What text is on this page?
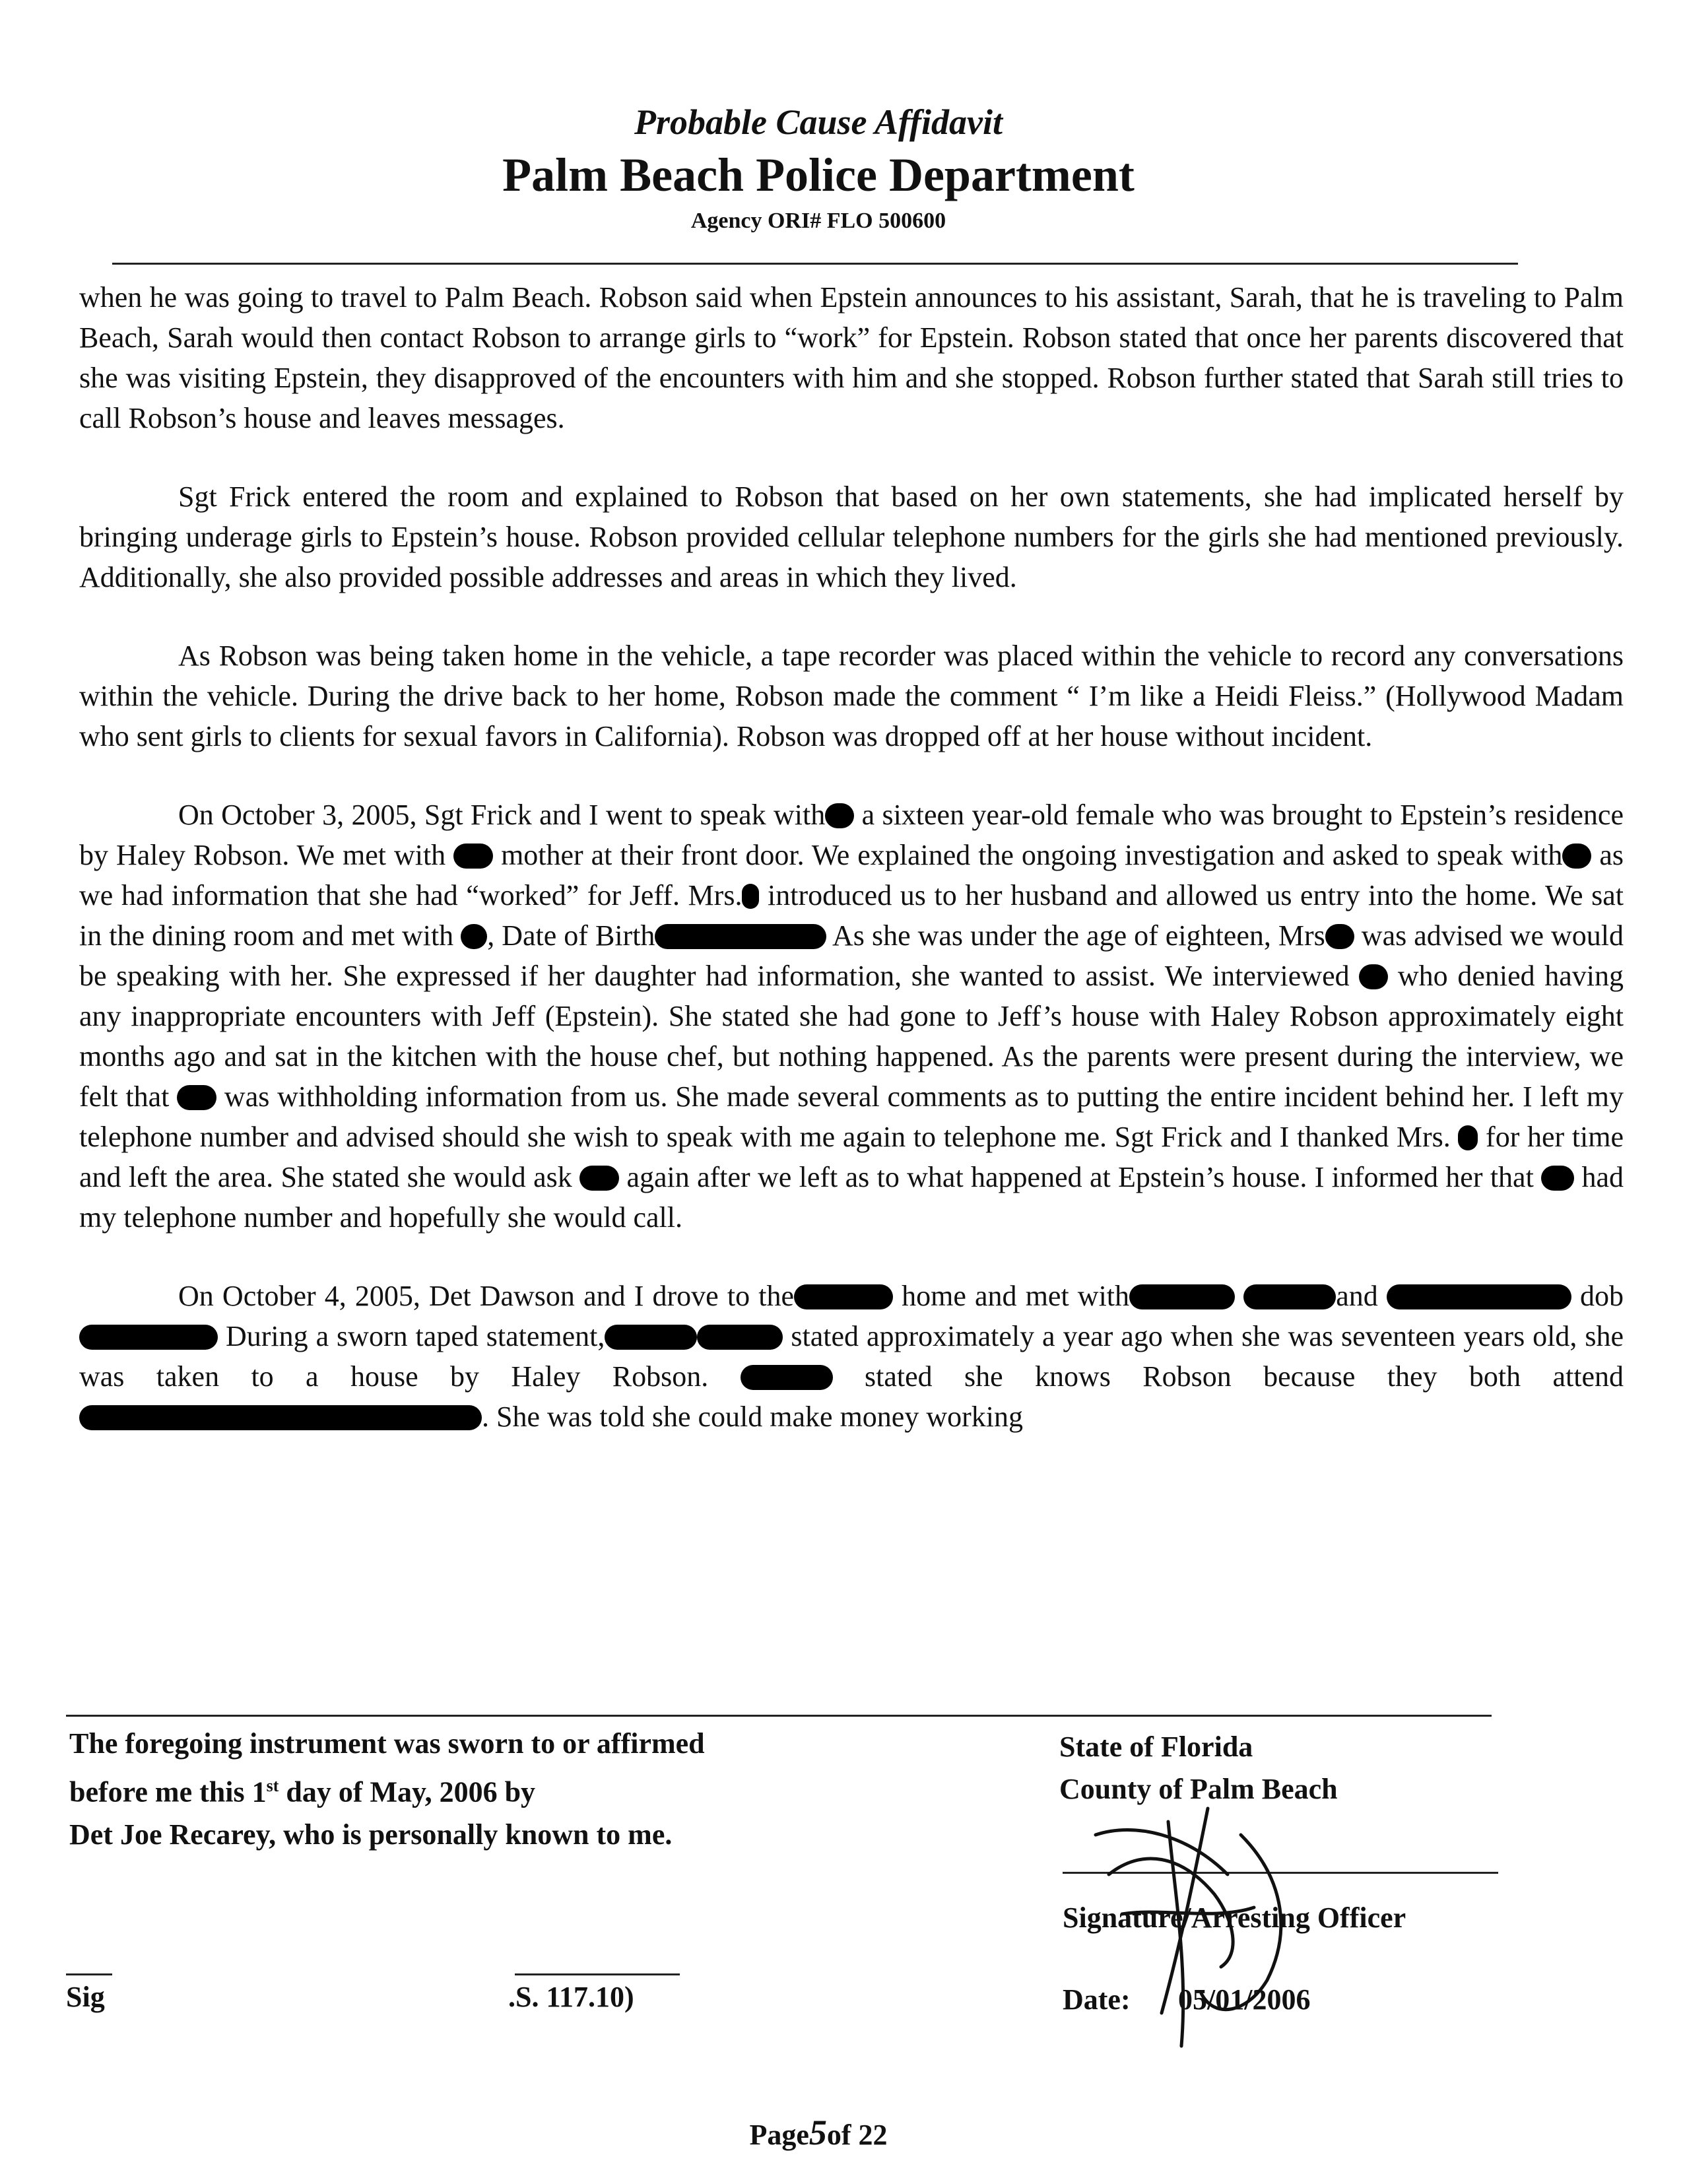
Probable Cause Affidavit
Palm Beach Police Department
Agency ORI# FLO 500600

when he was going to travel to Palm Beach. Robson said when Epstein announces to his assistant, Sarah, that he is traveling to Palm Beach, Sarah would then contact Robson to arrange girls to “work” for Epstein. Robson stated that once her parents discovered that she was visiting Epstein, they disapproved of the encounters with him and she stopped. Robson further stated that Sarah still tries to call Robson’s house and leaves messages.

Sgt Frick entered the room and explained to Robson that based on her own statements, she had implicated herself by bringing underage girls to Epstein’s house. Robson provided cellular telephone numbers for the girls she had mentioned previously. Additionally, she also provided possible addresses and areas in which they lived.

As Robson was being taken home in the vehicle, a tape recorder was placed within the vehicle to record any conversations within the vehicle. During the drive back to her home, Robson made the comment “ I’m like a Heidi Fleiss.” (Hollywood Madam who sent girls to clients for sexual favors in California). Robson was dropped off at her house without incident.

On October 3, 2005, Sgt Frick and I went to speak with a sixteen year-old female who was brought to Epstein’s residence by Haley Robson. We met with  mother at their front door. We explained the ongoing investigation and asked to speak with as we had information that she had “worked” for Jeff. Mrs. introduced us to her husband and allowed us entry into the home. We sat in the dining room and met with , Date of Birth	As she was under the age of eighteen, Mrs was advised we would be speaking with her. She expressed if her daughter had information, she wanted to assist. We interviewed  who denied having any inappropriate encounters with Jeff (Epstein). She stated she had gone to Jeff’s house with Haley Robson approximately eight months ago and sat in the kitchen with the house chef, but nothing happened. As the parents were present during the interview, we felt that  was withholding information from us. She made several comments as to putting the entire incident behind her. I left my telephone number and advised should she wish to speak with me again to telephone me. Sgt Frick and I thanked Mrs.  for her time and left the area. She stated she would ask  again after we left as to what happened at Epstein’s house. I informed her that  had my telephone number and hopefully she would call.

On October 4, 2005, Det Dawson and I drove to the	home and met with	and	dob  During a sworn taped statement,	stated approximately a year ago when she was seventeen years old, she was taken to a house by Haley Robson.	stated she knows Robson because they both attend . She was told she could make money working

The foregoing instrument was sworn to or affirmed
before me this 1st day of May, 2006 by
Det Joe Recarey, who is personally known to me.
State of Florida
County of Palm Beach
Signature/Arresting Officer
Date: 05/01/2006
Sig	.S. 117.10)
Page5of 22
